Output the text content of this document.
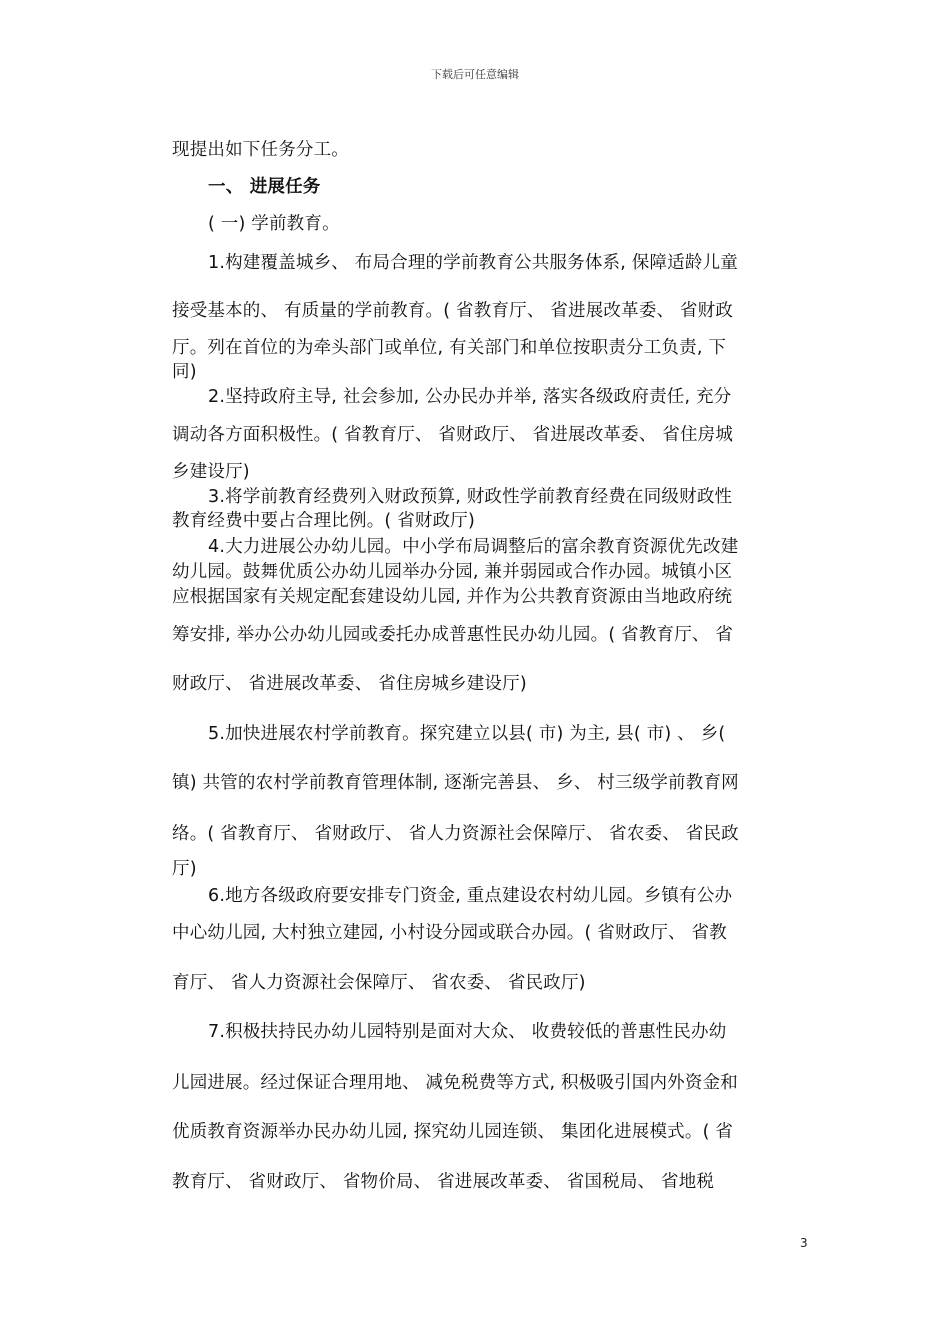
下载后可任意编辑
现提出如下任务分工。
一、 进展任务
( 一) 学前教育。
1.构建覆盖城乡、 布局合理的学前教育公共服务体系, 保障适龄儿童
接受基本的、 有质量的学前教育。( 省教育厅、 省进展改革委、 省财政
厅。列在首位的为牵头部门或单位, 有关部门和单位按职责分工负责, 下
同)
2.坚持政府主导, 社会参加, 公办民办并举, 落实各级政府责任, 充分
调动各方面积极性。( 省教育厅、 省财政厅、 省进展改革委、 省住房城
乡建设厅)
3.将学前教育经费列入财政预算, 财政性学前教育经费在同级财政性
教育经费中要占合理比例。( 省财政厅)
4.大力进展公办幼儿园。中小学布局调整后的富余教育资源优先改建
幼儿园。鼓舞优质公办幼儿园举办分园, 兼并弱园或合作办园。城镇小区
应根据国家有关规定配套建设幼儿园, 并作为公共教育资源由当地政府统
筹安排, 举办公办幼儿园或委托办成普惠性民办幼儿园。( 省教育厅、 省
财政厅、 省进展改革委、 省住房城乡建设厅)
5.加快进展农村学前教育。探究建立以县( 市) 为主, 县( 市) 、 乡(
镇) 共管的农村学前教育管理体制, 逐渐完善县、 乡、 村三级学前教育网
络。( 省教育厅、 省财政厅、 省人力资源社会保障厅、 省农委、 省民政
厅)
6.地方各级政府要安排专门资金, 重点建设农村幼儿园。乡镇有公办
中心幼儿园, 大村独立建园, 小村设分园或联合办园。( 省财政厅、 省教
育厅、 省人力资源社会保障厅、 省农委、 省民政厅)
7.积极扶持民办幼儿园特别是面对大众、 收费较低的普惠性民办幼
儿园进展。经过保证合理用地、 减免税费等方式, 积极吸引国内外资金和
优质教育资源举办民办幼儿园, 探究幼儿园连锁、 集团化进展模式。( 省
教育厅、 省财政厅、 省物价局、 省进展改革委、 省国税局、 省地税
3
